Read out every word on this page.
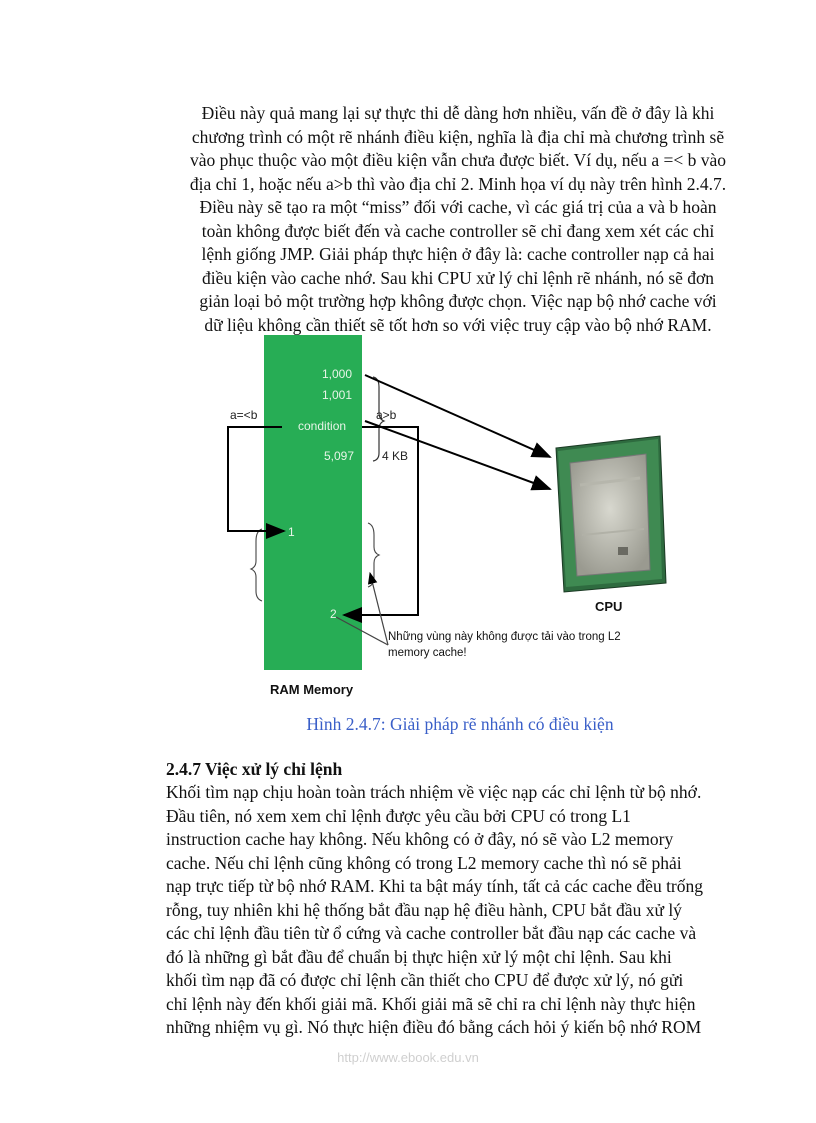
Điều này quả mang lại sự thực thi dễ dàng hơn nhiều, vấn đề ở đây là khi
chương trình có một rẽ nhánh điều kiện, nghĩa là địa chỉ mà chương trình sẽ
vào phục thuộc vào một điều kiện vẫn chưa được biết. Ví dụ, nếu a =< b vào
địa chỉ 1, hoặc nếu a>b thì vào địa chỉ 2. Minh họa ví dụ này trên hình 2.4.7.
Điều này sẽ tạo ra một “miss” đối với cache, vì các giá trị của a và b hoàn
toàn không được biết đến và cache controller sẽ chỉ đang xem xét các chỉ
lệnh giống JMP. Giải pháp thực hiện ở đây là: cache controller nạp cả hai
điều kiện vào cache nhớ. Sau khi CPU xử lý chỉ lệnh rẽ nhánh, nó sẽ đơn
giản loại bỏ một trường hợp không được chọn. Việc nạp bộ nhớ cache với
dữ liệu không cần thiết sẽ tốt hơn so với việc truy cập vào bộ nhớ RAM.
1,000
1,001
condition
5,097
1
2
4 KB
a=<b	a>b
CPU
Những vùng này không được tải vào trong L2
memory cache!
RAM Memory
Hình 2.4.7: Giải pháp rẽ nhánh có điều kiện
2.4.7 Việc xử lý chỉ lệnh
Khối tìm nạp chịu hoàn toàn trách nhiệm về việc nạp các chỉ lệnh từ bộ nhớ.
Đầu tiên, nó xem xem chỉ lệnh được yêu cầu bởi CPU có trong L1
instruction cache hay không. Nếu không có ở đây, nó sẽ vào L2 memory
cache. Nếu chỉ lệnh cũng không có trong L2 memory cache thì nó sẽ phải
nạp trực tiếp từ bộ nhớ RAM. Khi ta bật máy tính, tất cả các cache đều trống
rỗng, tuy nhiên khi hệ thống bắt đầu nạp hệ điều hành, CPU bắt đầu xử lý
các chỉ lệnh đầu tiên từ ổ cứng và cache controller bắt đầu nạp các cache và
đó là những gì bắt đầu để chuẩn bị thực hiện xử lý một chỉ lệnh. Sau khi
khối tìm nạp đã có được chỉ lệnh cần thiết cho CPU để được xử lý, nó gửi
chỉ lệnh này đến khối giải mã. Khối giải mã sẽ chỉ ra chỉ lệnh này thực hiện
những nhiệm vụ gì. Nó thực hiện điều đó bằng cách hỏi ý kiến bộ nhớ ROM
http://www.ebook.edu.vn
